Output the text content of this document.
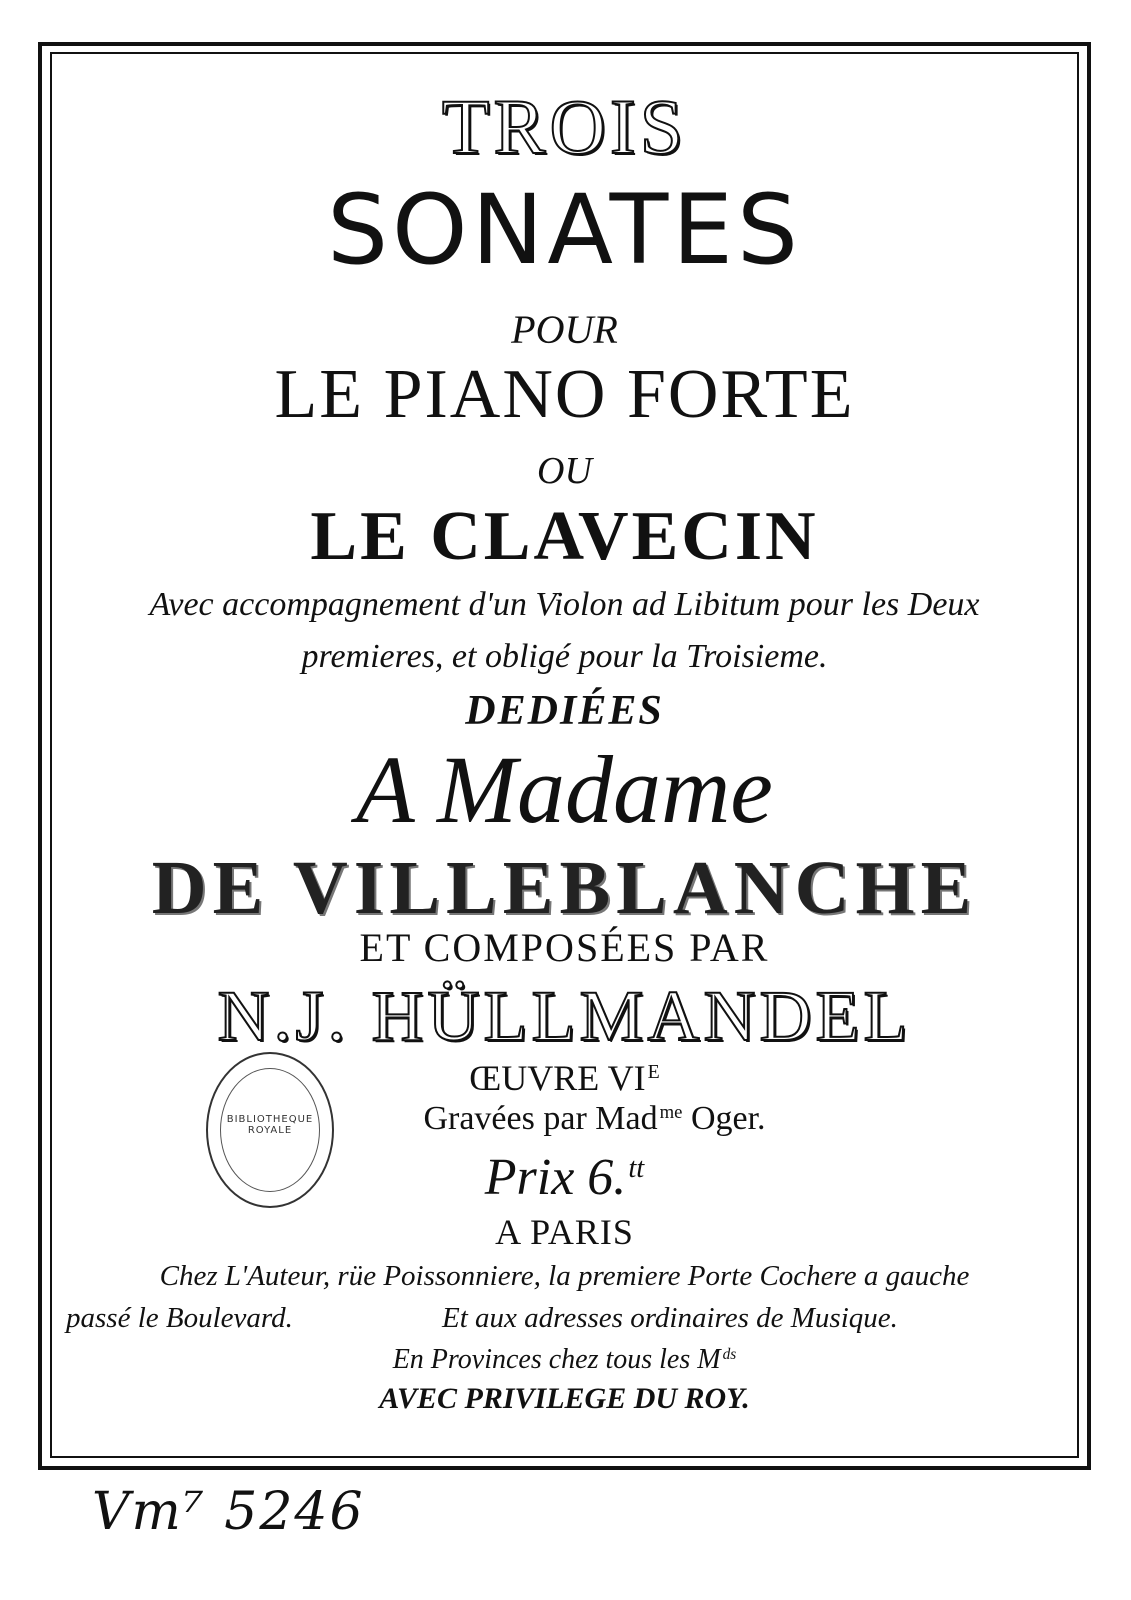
TROIS
SONATES
POUR
LE PIANO FORTE
OU
LE CLAVECIN
Avec accompagnement d'un Violon ad Libitum pour les Deux
premieres, et obligé pour la Troisieme.
DEDIÉES
A Madame
DE VILLEBLANCHE
ET COMPOSÉES PAR
N.J. HÜLLMANDEL
ŒUVRE VI $^E$
Gravées par Mad $^{me}$ Oger.
Prix 6.$^{tt}$
A PARIS
Chez L'Auteur, rüe Poissonniere, la premiere Porte Cochere a gauche
passé le Boulevard.	Et aux adresses ordinaires de Musique.
En Provinces chez tous les M $^{ds}$
AVEC PRIVILEGE DU ROY.
BIBLIOTHEQUE ROYALE
Vm⁷ 5246
